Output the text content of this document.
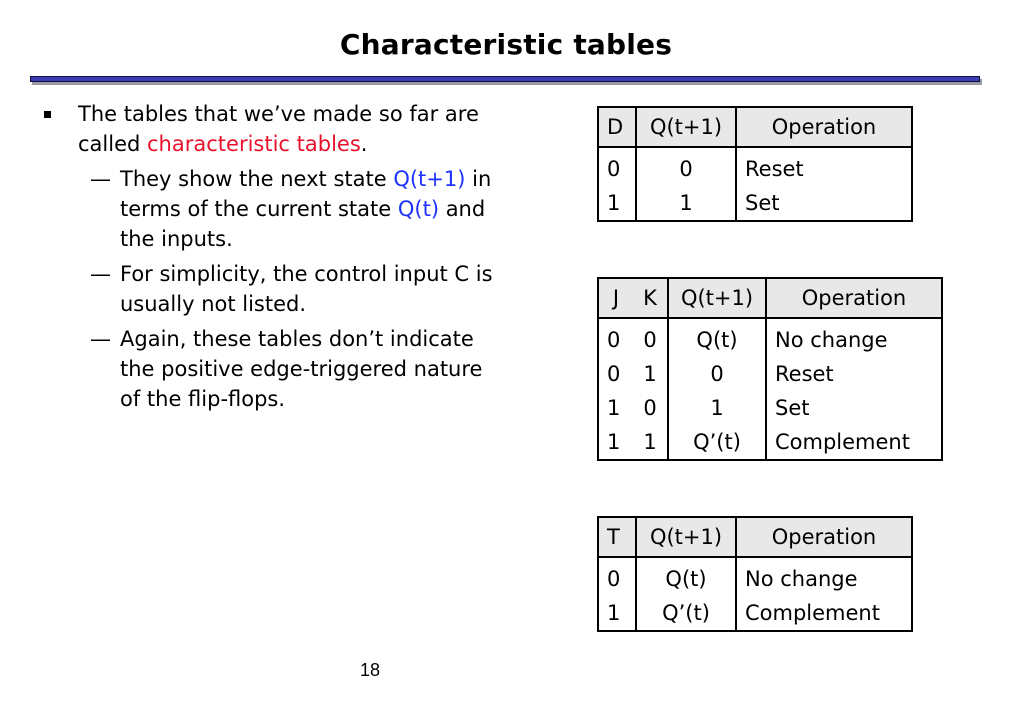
Characteristic tables
The tables that we’ve made so far are
called characteristic tables.
— They show the next state Q(t+1) in
terms of the current state Q(t) and
the inputs.
— For simplicity, the control input C is
usually not listed.
— Again, these tables don’t indicate
the positive edge-triggered nature
of the flip-flops.
D	Q(t+1)	Operation
0	0	Reset
1	1	Set
J	K	Q(t+1)	Operation
0	0	Q(t)	No change
0	1	0	Reset
1	0	1	Set
1	1	Q’(t)	Complement
T	Q(t+1)	Operation
0	Q(t)	No change
1	Q’(t)	Complement
18
